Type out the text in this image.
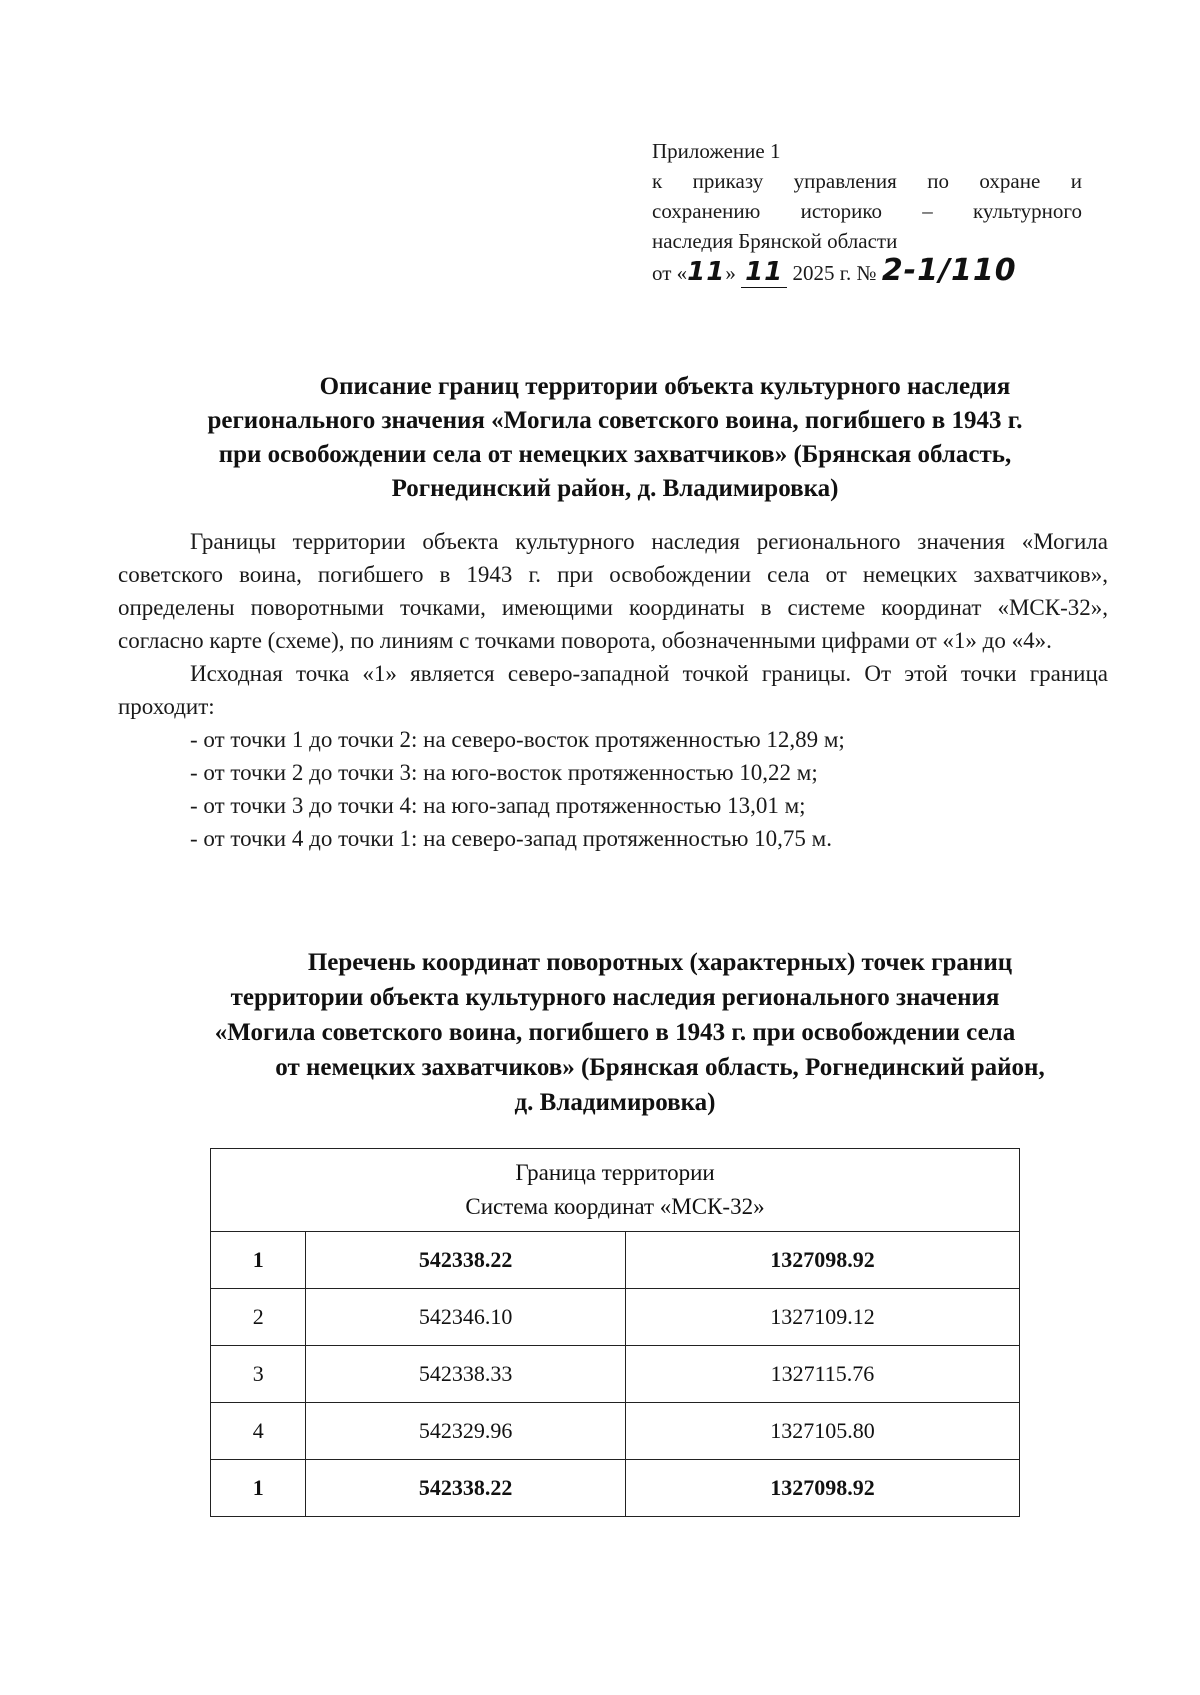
Приложение 1
к приказу управления по охране и
сохранению историко – культурного
наследия Брянской области
от «11» 11 2025 г. № 2-1/110
Описание границ территории объекта культурного наследия
регионального значения «Могила советского воина, погибшего в 1943 г.
при освобождении села от немецких захватчиков» (Брянская область,
Рогнединский район, д. Владимировка)

Границы территории объекта культурного наследия регионального значения «Могила советского воина, погибшего в 1943 г. при освобождении села от немецких захватчиков», определены поворотными точками, имеющими координаты в системе координат «МСК-32», согласно карте (схеме), по линиям с точками поворота, обозначенными цифрами от «1» до «4».

Исходная точка «1» является северо-западной точкой границы. От этой точки граница проходит:

- от точки 1 до точки 2: на северо-восток протяженностью 12,89 м;
- от точки 2 до точки 3: на юго-восток протяженностью 10,22 м;
- от точки 3 до точки 4: на юго-запад протяженностью 13,01 м;
- от точки 4 до точки 1: на северо-запад протяженностью 10,75 м.
Перечень координат поворотных (характерных) точек границ
территории объекта культурного наследия регионального значения
«Могила советского воина, погибшего в 1943 г. при освобождении села
от немецких захватчиков» (Брянская область, Рогнединский район,
д. Владимировка)
Граница территории
Система координат «МСК-32»		

1	542338.22	1327098.92
2	542346.10	1327109.12
3	542338.33	1327115.76
4	542329.96	1327105.80
1	542338.22	1327098.92
